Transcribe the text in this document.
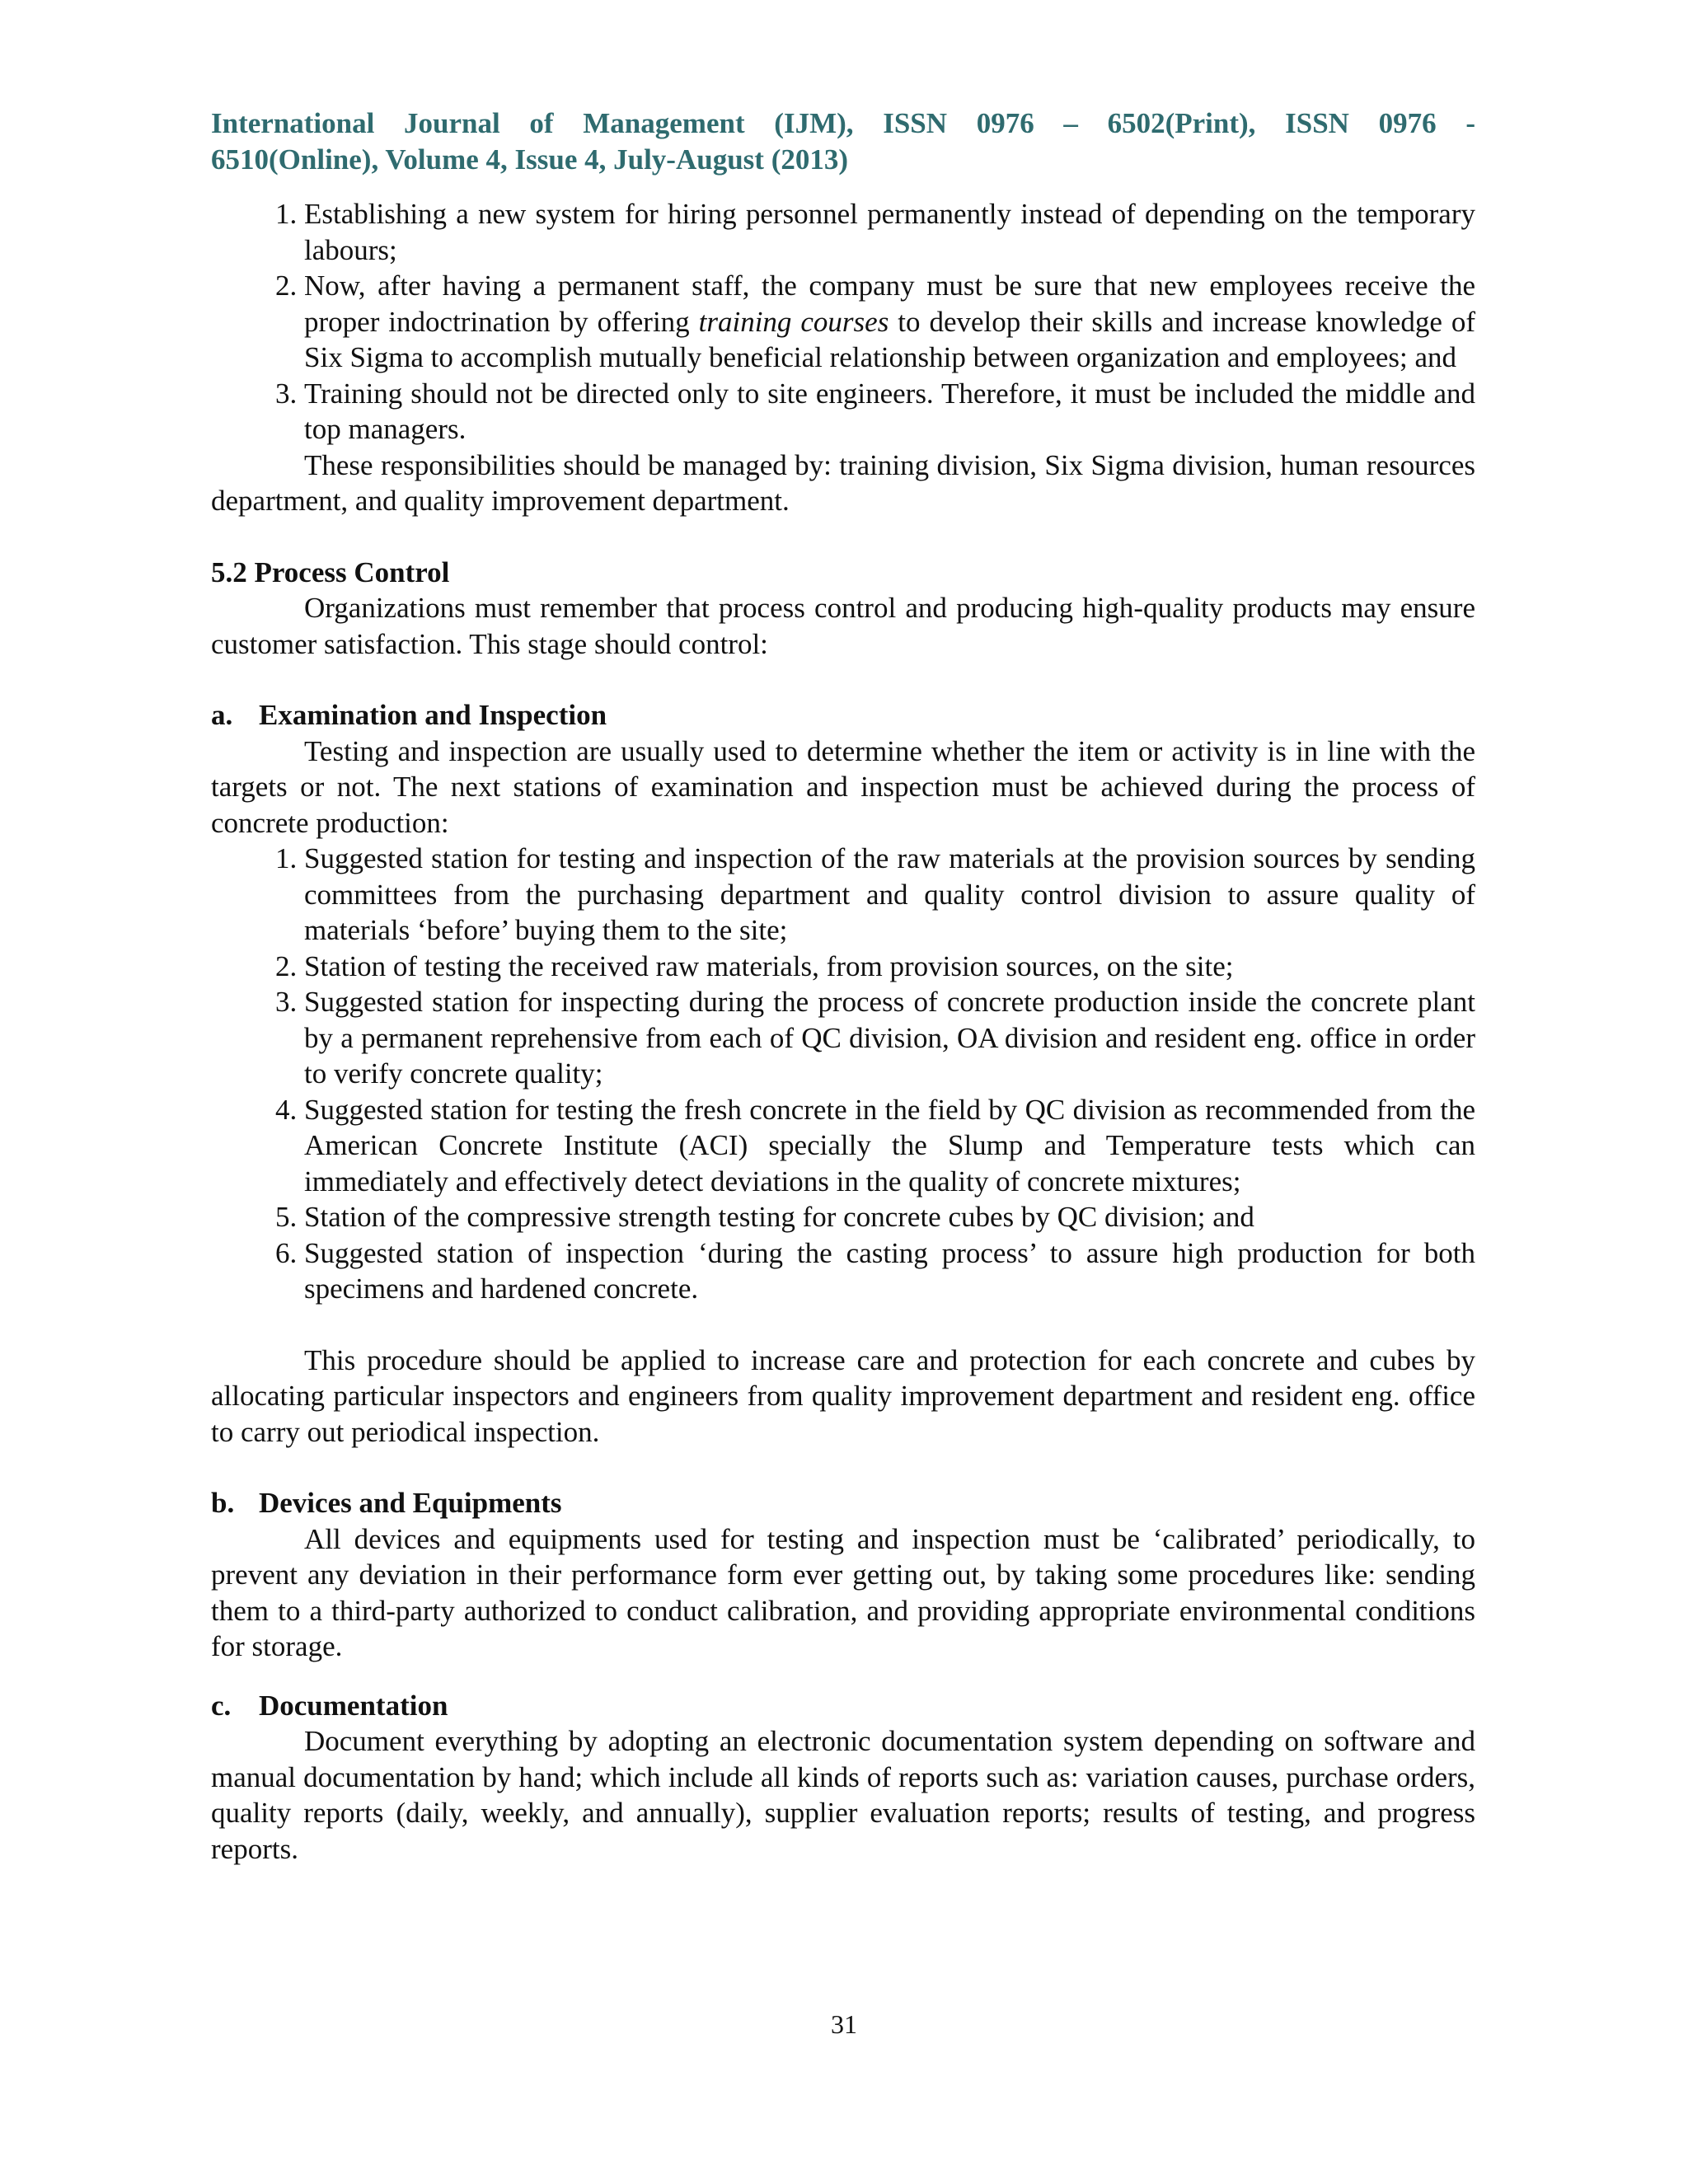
International Journal of Management (IJM), ISSN 0976 – 6502(Print), ISSN 0976 -
6510(Online), Volume 4, Issue 4, July-August (2013)
1. Establishing a new system for hiring personnel permanently instead of depending on the temporary labours;
2. Now, after having a permanent staff, the company must be sure that new employees receive the proper indoctrination by offering training courses to develop their skills and increase knowledge of Six Sigma to accomplish mutually beneficial relationship between organization and employees; and
3. Training should not be directed only to site engineers. Therefore, it must be included the middle and top managers.

These responsibilities should be managed by: training division, Six Sigma division, human resources department, and quality improvement department.

5.2 Process Control

Organizations must remember that process control and producing high-quality products may ensure customer satisfaction. This stage should control:

a. Examination and Inspection

Testing and inspection are usually used to determine whether the item or activity is in line with the targets or not. The next stations of examination and inspection must be achieved during the process of concrete production:

1. Suggested station for testing and inspection of the raw materials at the provision sources by sending committees from the purchasing department and quality control division to assure quality of materials ‘before’ buying them to the site;
2. Station of testing the received raw materials, from provision sources, on the site;
3. Suggested station for inspecting during the process of concrete production inside the concrete plant by a permanent reprehensive from each of QC division, OA division and resident eng. office in order to verify concrete quality;
4. Suggested station for testing the fresh concrete in the field by QC division as recommended from the American Concrete Institute (ACI) specially the Slump and Temperature tests which can immediately and effectively detect deviations in the quality of concrete mixtures;
5. Station of the compressive strength testing for concrete cubes by QC division; and
6. Suggested station of inspection ‘during the casting process’ to assure high production for both specimens and hardened concrete.

This procedure should be applied to increase care and protection for each concrete and cubes by allocating particular inspectors and engineers from quality improvement department and resident eng. office to carry out periodical inspection.

b. Devices and Equipments

All devices and equipments used for testing and inspection must be ‘calibrated’ periodically, to prevent any deviation in their performance form ever getting out, by taking some procedures like: sending them to a third-party authorized to conduct calibration, and providing appropriate environmental conditions for storage.

c. Documentation

Document everything by adopting an electronic documentation system depending on software and manual documentation by hand; which include all kinds of reports such as: variation causes, purchase orders, quality reports (daily, weekly, and annually), supplier evaluation reports; results of testing, and progress reports.

31
